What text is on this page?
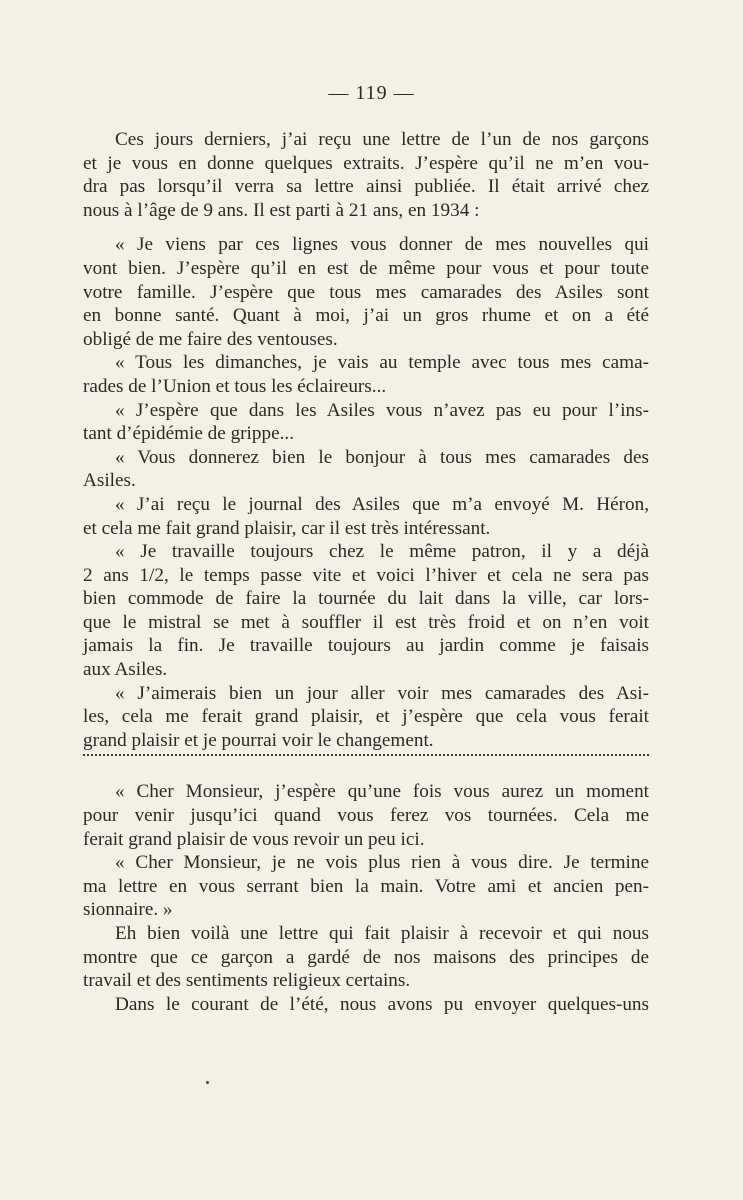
— 119 —
Ces jours derniers, j’ai reçu une lettre de l’un de nos garçons
et je vous en donne quelques extraits. J’espère qu’il ne m’en vou-
dra pas lorsqu’il verra sa lettre ainsi publiée. Il était arrivé chez
nous à l’âge de 9 ans. Il est parti à 21 ans, en 1934 :
« Je viens par ces lignes vous donner de mes nouvelles qui
vont bien. J’espère qu’il en est de même pour vous et pour toute
votre famille. J’espère que tous mes camarades des Asiles sont
en bonne santé. Quant à moi, j’ai un gros rhume et on a été
obligé de me faire des ventouses.
« Tous les dimanches, je vais au temple avec tous mes cama-
rades de l’Union et tous les éclaireurs...
« J’espère que dans les Asiles vous n’avez pas eu pour l’ins-
tant d’épidémie de grippe...
« Vous donnerez bien le bonjour à tous mes camarades des
Asiles.
« J’ai reçu le journal des Asiles que m’a envoyé M. Héron,
et cela me fait grand plaisir, car il est très intéressant.
« Je travaille toujours chez le même patron, il y a déjà
2 ans 1/2, le temps passe vite et voici l’hiver et cela ne sera pas
bien commode de faire la tournée du lait dans la ville, car lors-
que le mistral se met à souffler il est très froid et on n’en voit
jamais la fin. Je travaille toujours au jardin comme je faisais
aux Asiles.
« J’aimerais bien un jour aller voir mes camarades des Asi-
les, cela me ferait grand plaisir, et j’espère que cela vous ferait
grand plaisir et je pourrai voir le changement.
« Cher Monsieur, j’espère qu’une fois vous aurez un moment
pour venir jusqu’ici quand vous ferez vos tournées. Cela me
ferait grand plaisir de vous revoir un peu ici.
« Cher Monsieur, je ne vois plus rien à vous dire. Je termine
ma lettre en vous serrant bien la main. Votre ami et ancien pen-
sionnaire. »
Eh bien voilà une lettre qui fait plaisir à recevoir et qui nous
montre que ce garçon a gardé de nos maisons des principes de
travail et des sentiments religieux certains.
Dans le courant de l’été, nous avons pu envoyer quelques-uns
